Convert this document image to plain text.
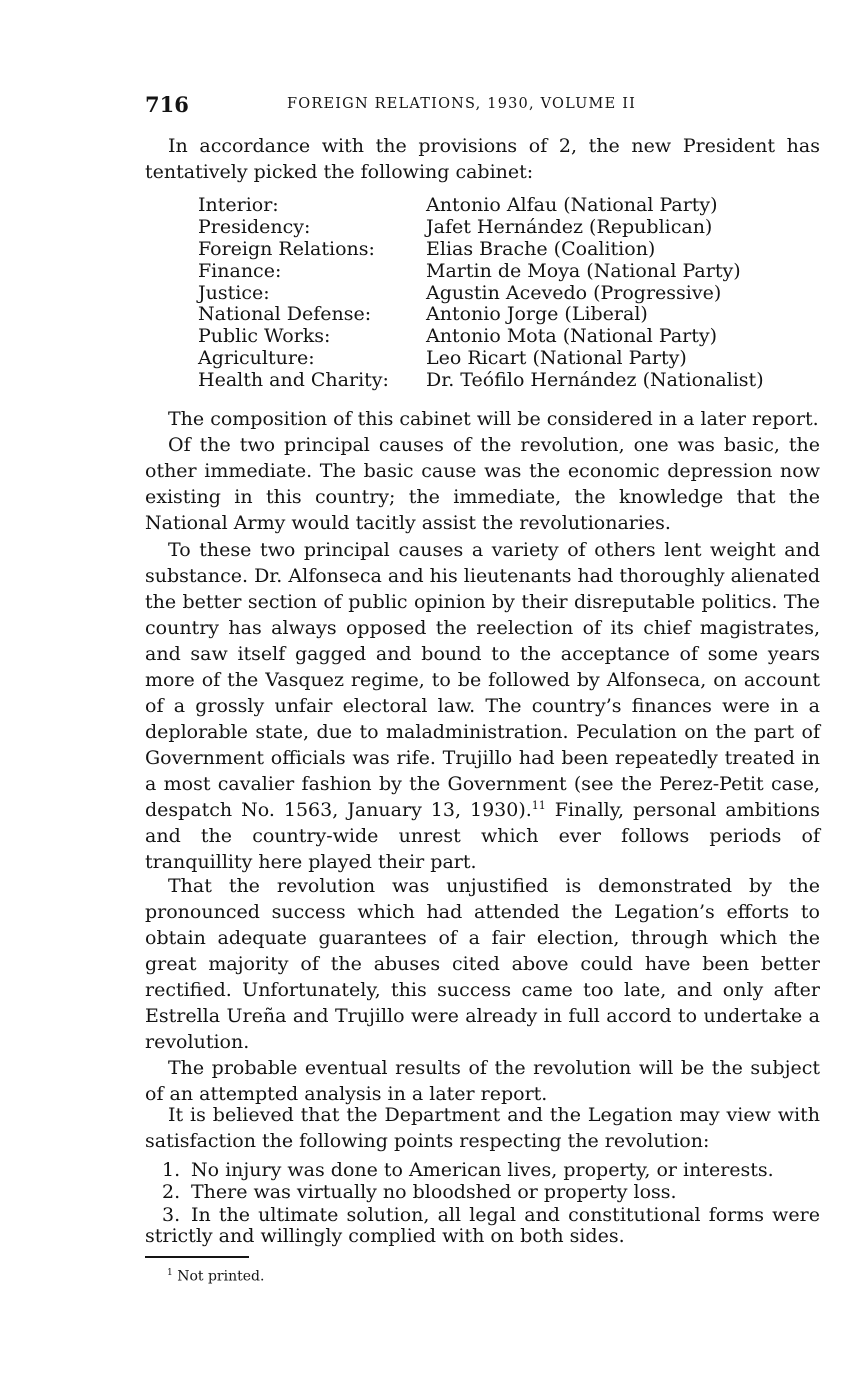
716	FOREIGN RELATIONS, 1930, VOLUME II

In accordance with the provisions of 2, the new President has tentatively picked the following cabinet:

Interior:	Antonio Alfau (National Party)
Presidency:	Jafet Hernández (Republican)
Foreign Relations:	Elias Brache (Coalition)
Finance:	Martin de Moya (National Party)
Justice:	Agustin Acevedo (Progressive)
National Defense:	Antonio Jorge (Liberal)
Public Works:	Antonio Mota (National Party)
Agriculture:	Leo Ricart (National Party)
Health and Charity: Dr. Teófilo Hernández (Nationalist)

The composition of this cabinet will be considered in a later report.

Of the two principal causes of the revolution, one was basic, the other immediate. The basic cause was the economic depression now existing in this country; the immediate, the knowledge that the National Army would tacitly assist the revolutionaries.

To these two principal causes a variety of others lent weight and substance. Dr. Alfonseca and his lieutenants had thoroughly alienated the better section of public opinion by their disreputable politics. The country has always opposed the reelection of its chief magistrates, and saw itself gagged and bound to the acceptance of some years more of the Vasquez regime, to be followed by Alfonseca, on account of a grossly unfair electoral law. The country’s finances were in a deplorable state, due to maladministration. Peculation on the part of Government officials was rife. Trujillo had been repeatedly treated in a most cavalier fashion by the Government (see the Perez-Petit case, despatch No. 1563, January 13, 1930).$^{11}$ Finally, personal ambitions and the country-wide unrest which ever follows periods of tranquillity here played their part.

That the revolution was unjustified is demonstrated by the pronounced success which had attended the Legation’s efforts to obtain adequate guarantees of a fair election, through which the great majority of the abuses cited above could have been better rectified. Unfortunately, this success came too late, and only after Estrella Ureña and Trujillo were already in full accord to undertake a revolution.

The probable eventual results of the revolution will be the subject of an attempted analysis in a later report.

It is believed that the Department and the Legation may view with satisfaction the following points respecting the revolution:

1. No injury was done to American lives, property, or interests.
2. There was virtually no bloodshed or property loss.
3. In the ultimate solution, all legal and constitutional forms were strictly and willingly complied with on both sides.
$^1$ Not printed.
